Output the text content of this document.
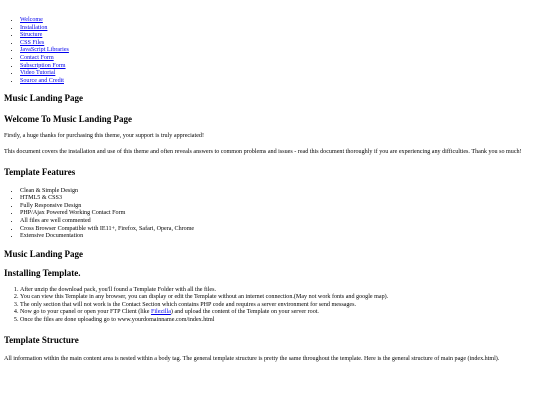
• Welcome
• Installation
• Structure
• CSS Files
• JavaScript Libraries
• Contact Form
• Subscription Form
• Video Tutorial
• Source and Credit
Music Landing Page
Welcome To Music Landing Page

Firstly, a huge thanks for purchasing this theme, your support is truly appreciated!

This document covers the installation and use of this theme and often reveals answers to common problems and issues - read this document thoroughly if you are experiencing any difficulties. Thank you so much!

Template Features
• Clean & Simple Design
• HTML5 & CSS3
• Fully Responsive Design
• PHP/Ajax Powered Working Contact Form
• All files are well commented
• Cross Browser Compatible with IE11+, Firefox, Safari, Opera, Chrome
• Extensive Documentation
Music Landing Page
Installing Template.
1. After unzip the download pack, you'll found a Template Folder with all the files.
2. You can view this Template in any browser, you can display or edit the Template without an internet connection.(May not work fonts and google map).
3. The only section that will not work is the Contact Section which contains PHP code and requires a server environment for send messages.
4. Now go to your cpanel or open your FTP Client (like Filezilla) and upload the content of the Template on your server root.
5. Once the files are done uploading go to www.yourdomainname.com/index.html
Template Structure

All information within the main content area is nested within a body tag. The general template structure is pretty the same throughout the template. Here is the general structure of main page (index.html).
